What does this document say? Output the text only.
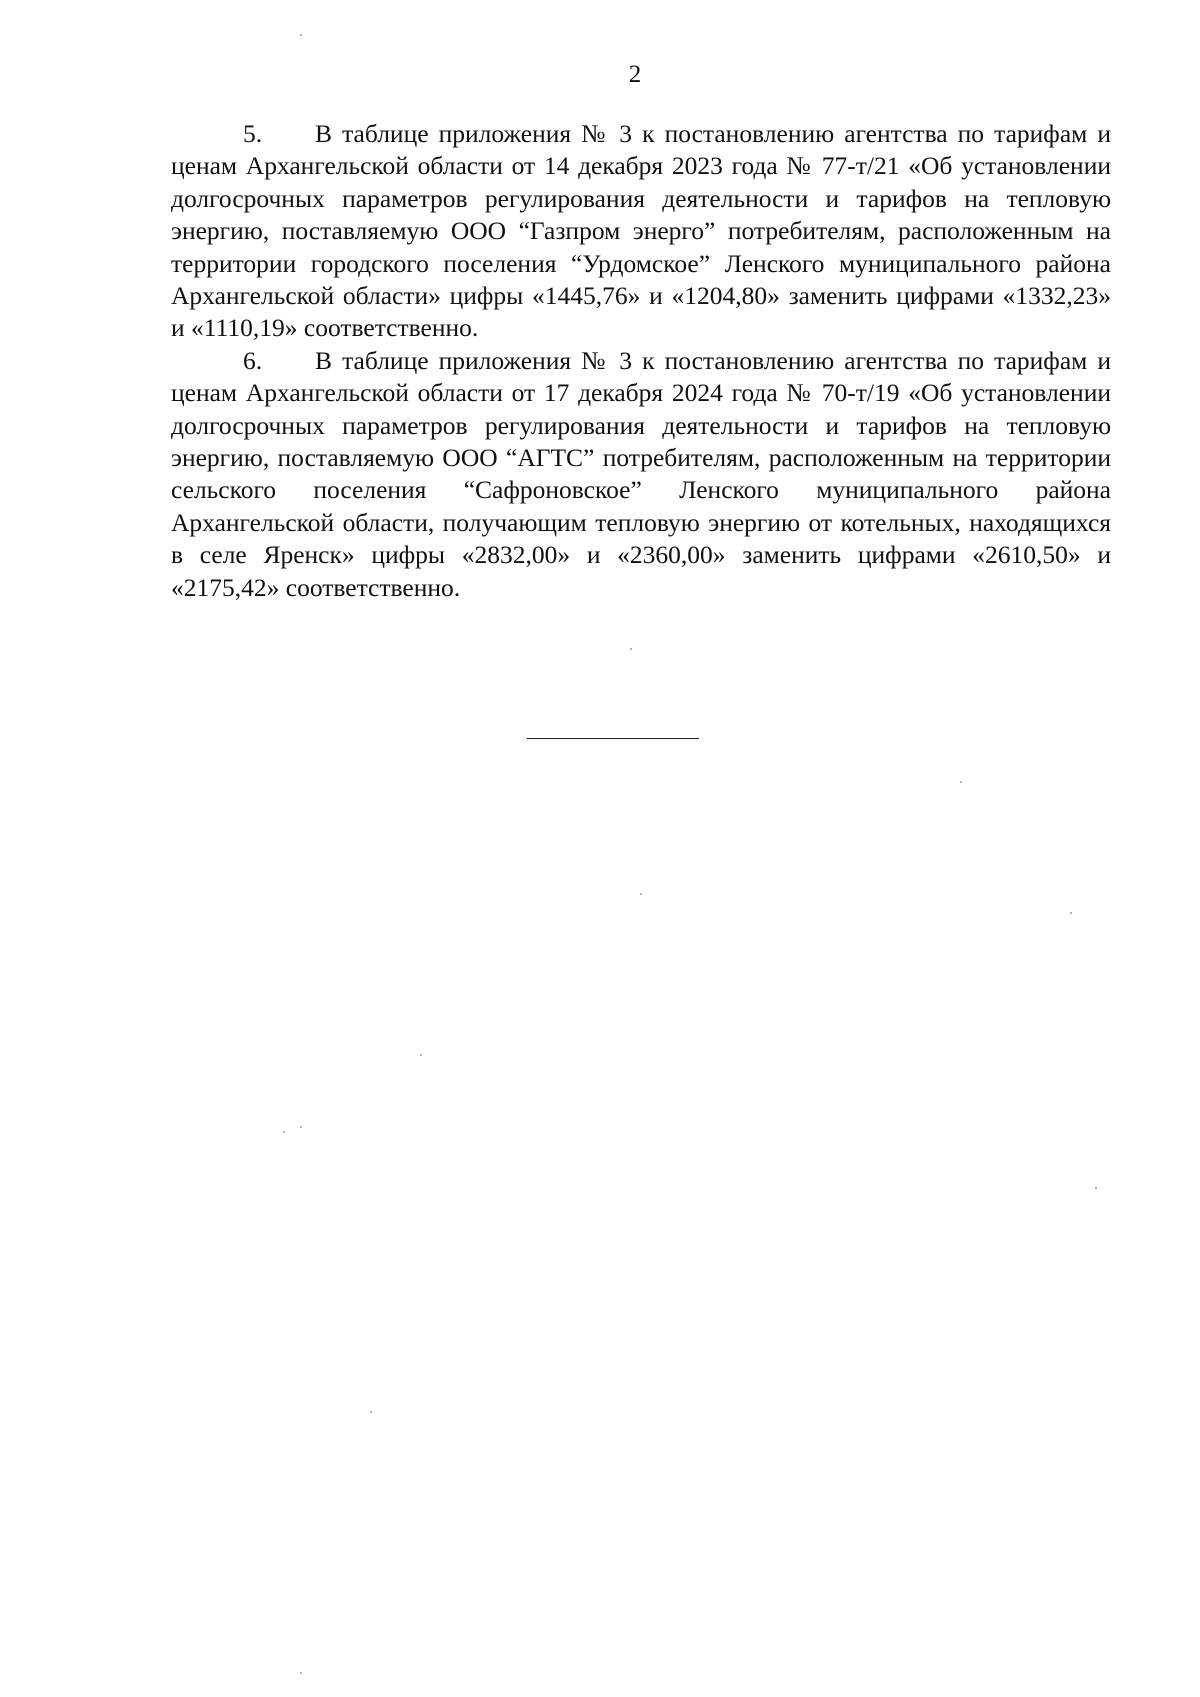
2

5. В таблице приложения № 3 к постановлению агентства по тарифам и ценам Архангельской области от 14 декабря 2023 года № 77-т/21 «Об установлении долгосрочных параметров регулирования деятельности и тарифов на тепловую энергию, поставляемую ООО “Газпром энерго” потребителям, расположенным на территории городского поселения “Урдомское” Ленского муниципального района Архангельской области» цифры «1445,76» и «1204,80» заменить цифрами «1332,23» и «1110,19» соответственно.

6. В таблице приложения № 3 к постановлению агентства по тарифам и ценам Архангельской области от 17 декабря 2024 года № 70-т/19 «Об установлении долгосрочных параметров регулирования деятельности и тарифов на тепловую энергию, поставляемую ООО “АГТС” потребителям, расположенным на территории сельского поселения “Сафроновское” Ленского муниципального района Архангельской области, получающим тепловую энергию от котельных, находящихся в селе Яренск» цифры «2832,00» и «2360,00» заменить цифрами «2610,50» и «2175,42» соответственно.
